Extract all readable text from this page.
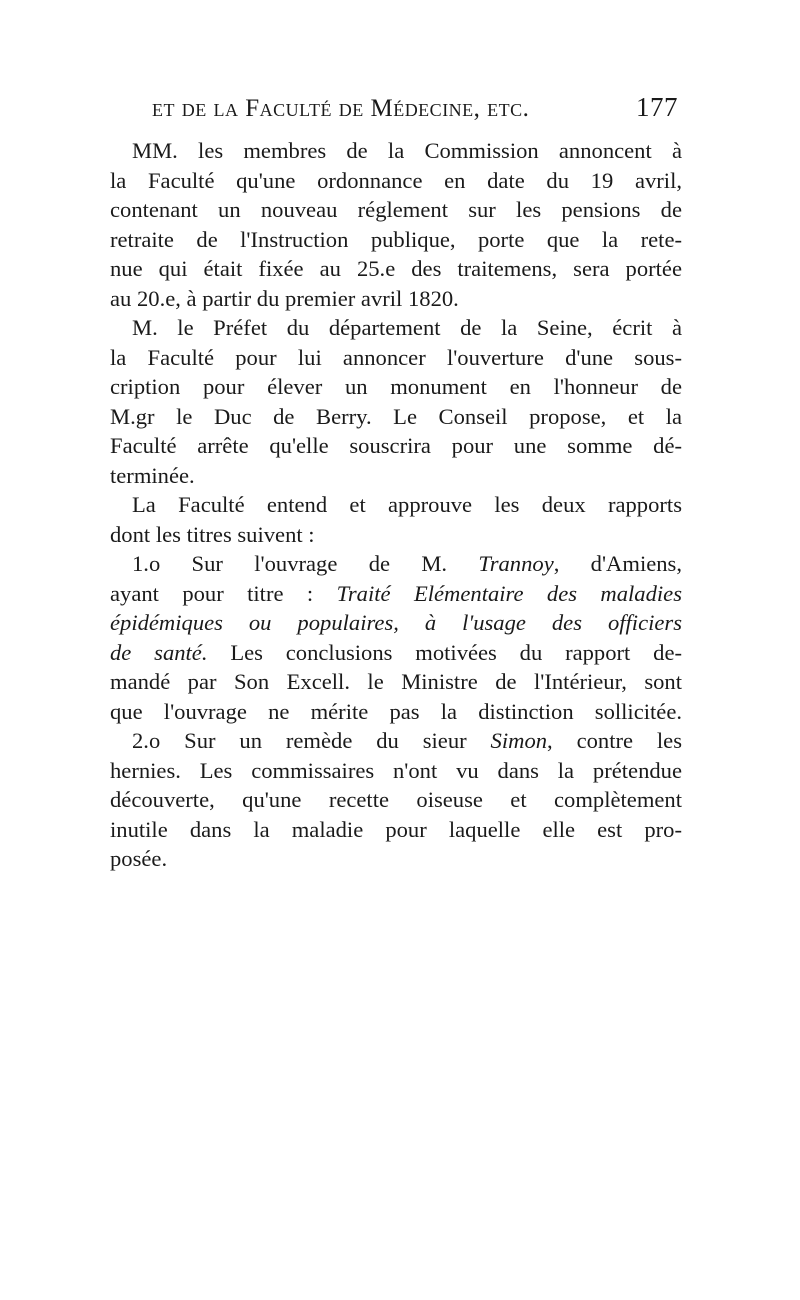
et de la Faculté de Médecine, etc.	177
MM. les membres de la Commission annoncent à
la Faculté qu'une ordonnance en date du 19 avril,
contenant un nouveau réglement sur les pensions de
retraite de l'Instruction publique, porte que la rete-
nue qui était fixée au 25.e des traitemens, sera portée
au 20.e, à partir du premier avril 1820.
M. le Préfet du département de la Seine, écrit à
la Faculté pour lui annoncer l'ouverture d'une sous-
cription pour élever un monument en l'honneur de
M.gr le Duc de Berry. Le Conseil propose, et la
Faculté arrête qu'elle souscrira pour une somme dé-
terminée.
La Faculté entend et approuve les deux rapports
dont les titres suivent :
1.o Sur l'ouvrage de M. Trannoy, d'Amiens,
ayant pour titre : Traité Elémentaire des maladies
épidémiques ou populaires, à l'usage des officiers
de santé. Les conclusions motivées du rapport de-
mandé par Son Excell. le Ministre de l'Intérieur, sont
que l'ouvrage ne mérite pas la distinction sollicitée.
2.o Sur un remède du sieur Simon, contre les
hernies. Les commissaires n'ont vu dans la prétendue
découverte, qu'une recette oiseuse et complètement
inutile dans la maladie pour laquelle elle est pro-
posée.
